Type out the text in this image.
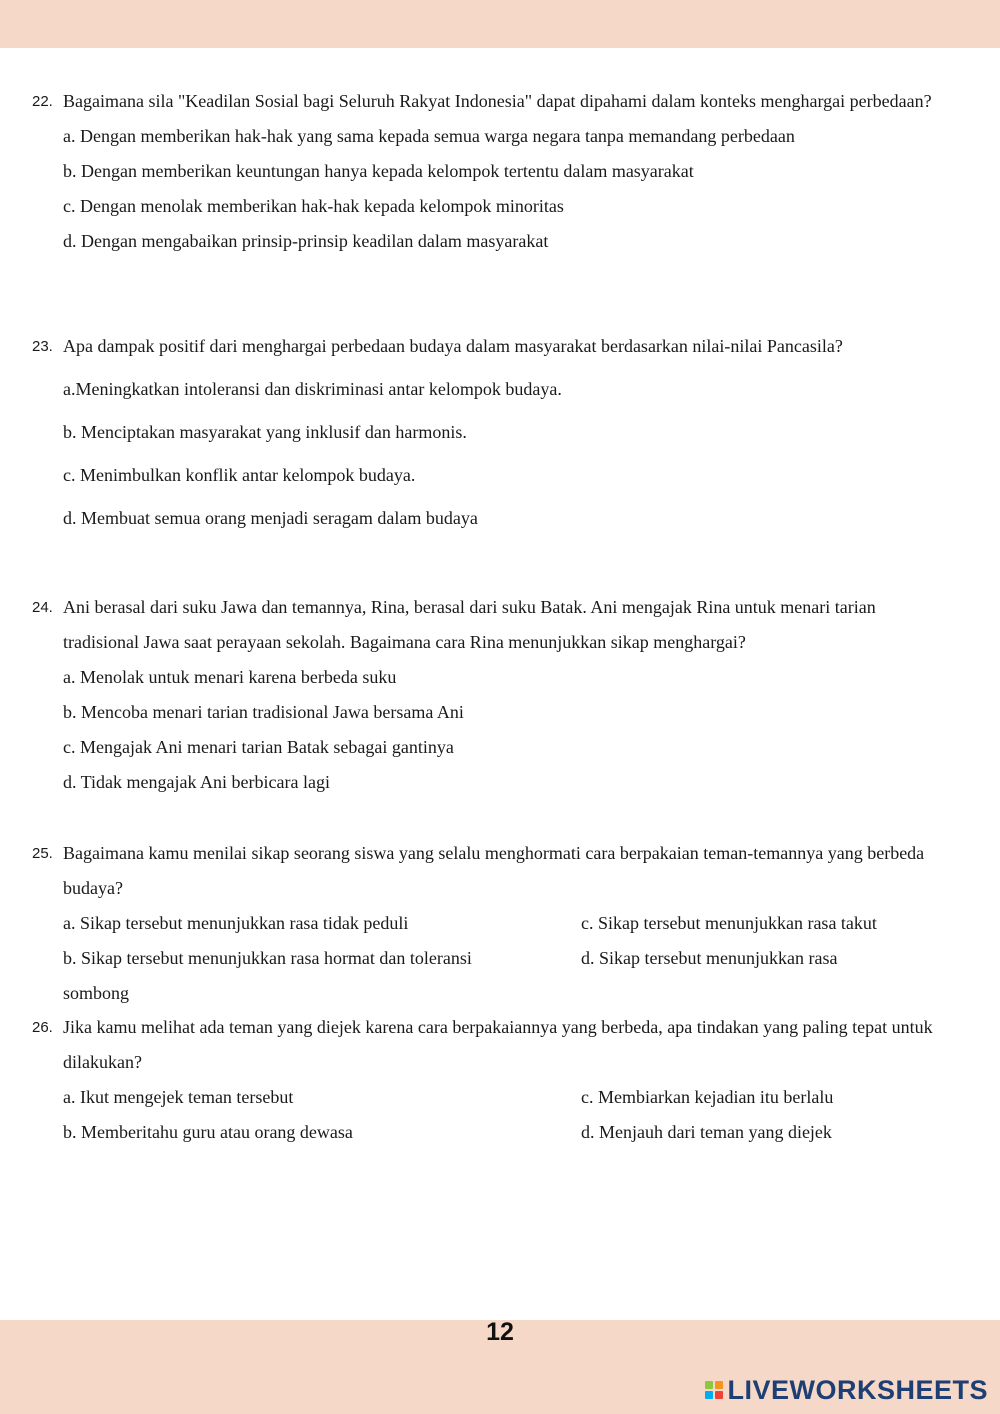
22. Bagaimana sila "Keadilan Sosial bagi Seluruh Rakyat Indonesia" dapat dipahami dalam konteks menghargai perbedaan?
a. Dengan memberikan hak-hak yang sama kepada semua warga negara tanpa memandang perbedaan
b. Dengan memberikan keuntungan hanya kepada kelompok tertentu dalam masyarakat
c. Dengan menolak memberikan hak-hak kepada kelompok minoritas
d. Dengan mengabaikan prinsip-prinsip keadilan dalam masyarakat
23. Apa dampak positif dari menghargai perbedaan budaya dalam masyarakat berdasarkan nilai-nilai Pancasila?
a.Meningkatkan intoleransi dan diskriminasi antar kelompok budaya.
b. Menciptakan masyarakat yang inklusif dan harmonis.
c. Menimbulkan konflik antar kelompok budaya.
d. Membuat semua orang menjadi seragam dalam budaya
24. Ani berasal dari suku Jawa dan temannya, Rina, berasal dari suku Batak. Ani mengajak Rina untuk menari tarian tradisional Jawa saat perayaan sekolah. Bagaimana cara Rina menunjukkan sikap menghargai?
a. Menolak untuk menari karena berbeda suku
b. Mencoba menari tarian tradisional Jawa bersama Ani
c. Mengajak Ani menari tarian Batak sebagai gantinya
d. Tidak mengajak Ani berbicara lagi
25. Bagaimana kamu menilai sikap seorang siswa yang selalu menghormati cara berpakaian teman-temannya yang berbeda budaya?
a. Sikap tersebut menunjukkan rasa tidak peduli	c. Sikap tersebut menunjukkan rasa takut
b. Sikap tersebut menunjukkan rasa hormat dan toleransi	d. Sikap tersebut menunjukkan rasa
sombong
26. Jika kamu melihat ada teman yang diejek karena cara berpakaiannya yang berbeda, apa tindakan yang paling tepat untuk dilakukan?
a. Ikut mengejek teman tersebut	c. Membiarkan kejadian itu berlalu
b. Memberitahu guru atau orang dewasa	d. Menjauh dari teman yang diejek
12
LIVEWORKSHEETS
